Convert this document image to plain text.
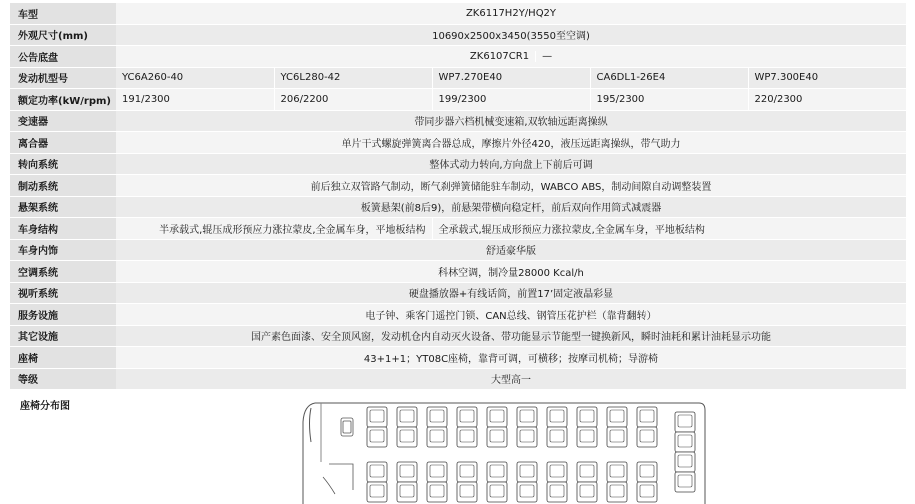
车型	ZK6117H2Y/HQ2Y				
外观尺寸(mm)	10690x2500x3450(3550至空调)				
公告底盘	ZK6107CR1 —				
发动机型号	YC6A260-40	YC6L280-42	WP7.270E40	CA6DL1-26E4	WP7.300E40
额定功率(kW/rpm)	191/2300	206/2200	199/2300	195/2300	220/2300
变速器	带同步器六档机械变速箱,双软轴远距离操纵				
离合器	单片干式螺旋弹簧离合器总成，摩擦片外径420，液压远距离操纵，带气助力				
转向系统	整体式动力转向,方向盘上下前后可调				
制动系统	前后独立双管路气制动，断气刹弹簧储能驻车制动，WABCO ABS，制动间隙自动调整装置				
悬架系统	板簧悬架(前8后9)，前悬架带横向稳定杆，前后双向作用筒式减震器				
车身结构	半承载式,辊压成形预应力涨拉蒙皮,全金属车身，平地板结构		全承载式,辊压成形预应力涨拉蒙皮,全金属车身，平地板结构		
车身内饰	舒适豪华版				
空调系统	科林空调，制冷量28000 Kcal/h				
视听系统	硬盘播放器+有线话筒，前置17’固定液晶彩显				
服务设施	电子钟、乘客门遥控门锁、CAN总线、钢管压花护栏（靠背翻转）				
其它设施	国产素色面漆、安全顶风窗，发动机仓内自动灭火设备、带功能显示节能型一键换新风，瞬时油耗和累计油耗显示功能				
座椅	43+1+1；YT08C座椅，靠背可调，可横移；按摩司机椅；导游椅				
等级	大型高一				
座椅分布图
